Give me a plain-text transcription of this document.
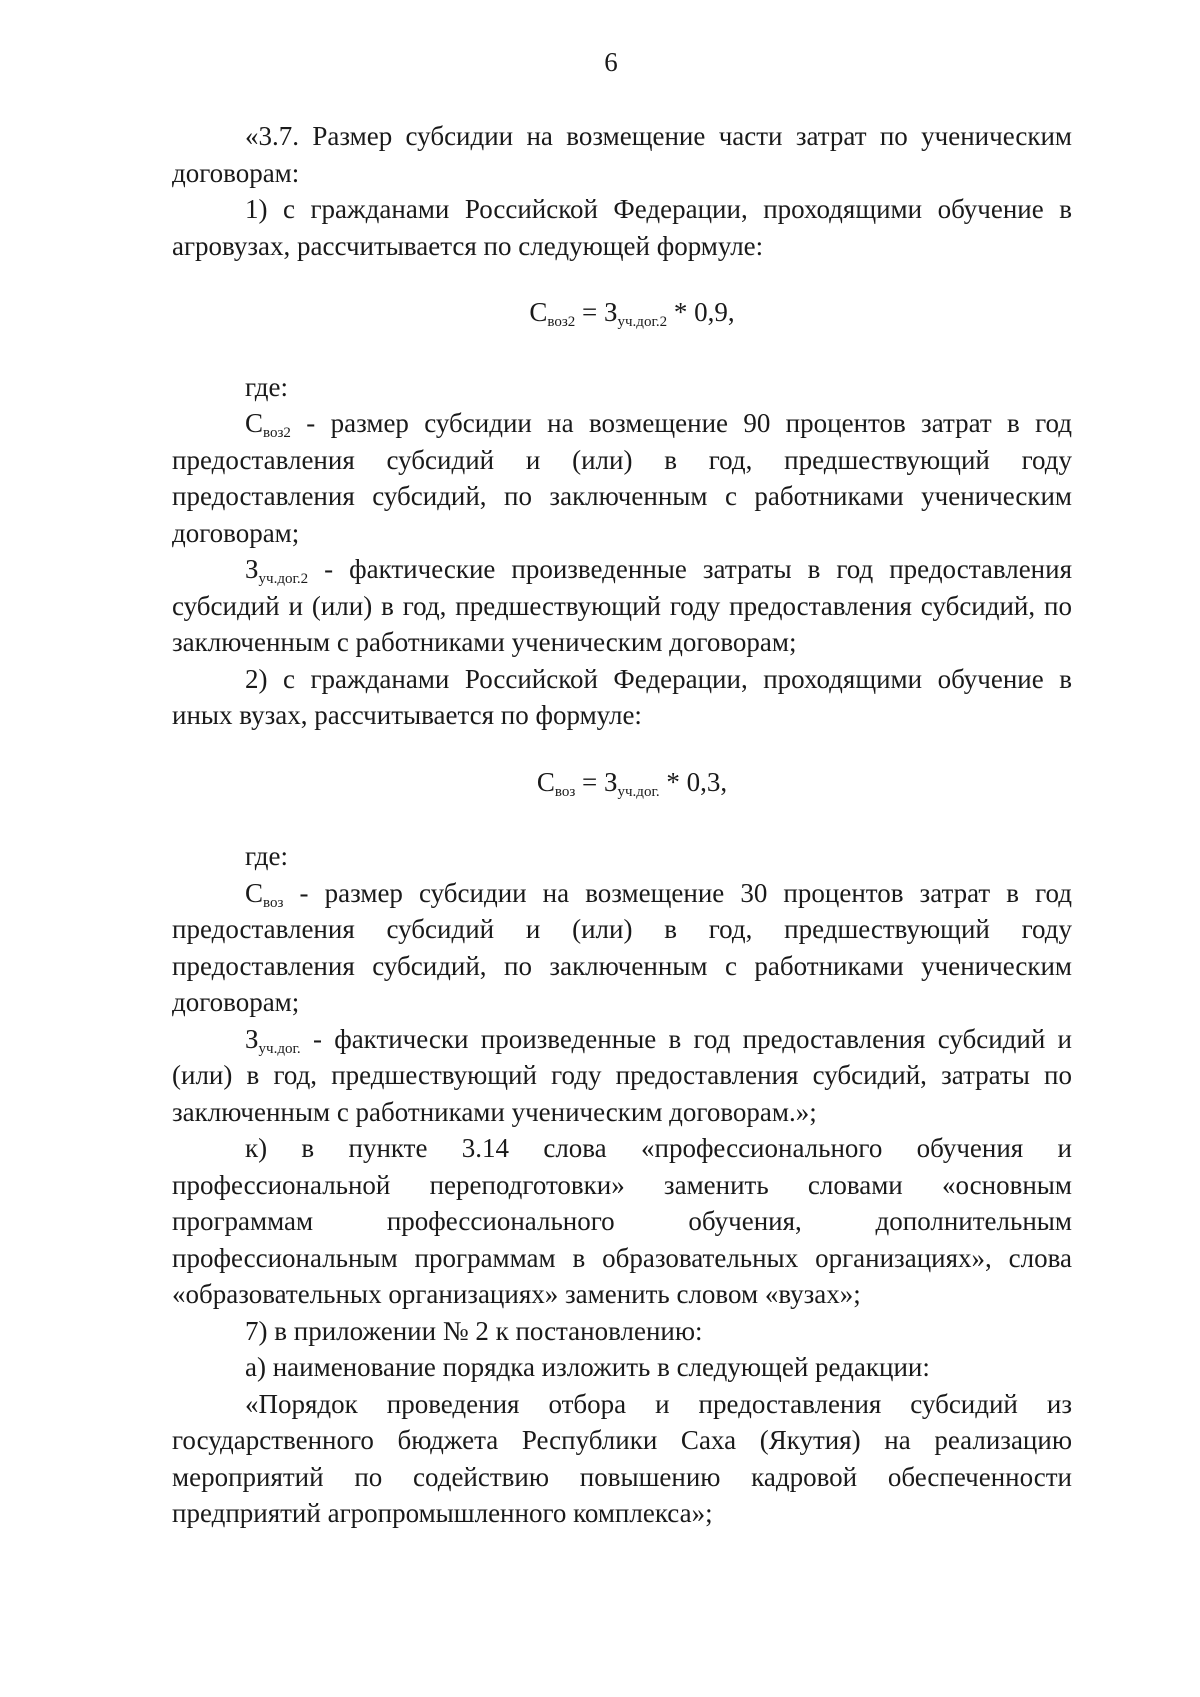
6

«3.7. Размер субсидии на возмещение части затрат по ученическим договорам:

1) с гражданами Российской Федерации, проходящими обучение в агровузах, рассчитывается по следующей формуле:

$С_{воз2} = З_{уч.дог.2} * 0,9$,

где:

$С_{воз2}$ - размер субсидии на возмещение 90 процентов затрат в год предоставления субсидий и (или) в год, предшествующий году предоставления субсидий, по заключенным с работниками ученическим договорам;

$З_{уч.дог.2}$ - фактические произведенные затраты в год предоставления субсидий и (или) в год, предшествующий году предоставления субсидий, по заключенным с работниками ученическим договорам;

2) с гражданами Российской Федерации, проходящими обучение в иных вузах, рассчитывается по формуле:

$С_{воз} = З_{уч.дог.} * 0,3$,

где:

$С_{воз}$ - размер субсидии на возмещение 30 процентов затрат в год предоставления субсидий и (или) в год, предшествующий году предоставления субсидий, по заключенным с работниками ученическим договорам;

$З_{уч.дог.}$ - фактически произведенные в год предоставления субсидий и (или) в год, предшествующий году предоставления субсидий, затраты по заключенным с работниками ученическим договорам.»;

к) в пункте 3.14 слова «профессионального обучения и профессиональной переподготовки» заменить словами «основным программам профессионального обучения, дополнительным профессиональным программам в образовательных организациях», слова «образовательных организациях» заменить словом «вузах»;

7) в приложении № 2 к постановлению:

а) наименование порядка изложить в следующей редакции:

«Порядок проведения отбора и предоставления субсидий из государственного бюджета Республики Саха (Якутия) на реализацию мероприятий по содействию повышению кадровой обеспеченности предприятий агропромышленного комплекса»;
